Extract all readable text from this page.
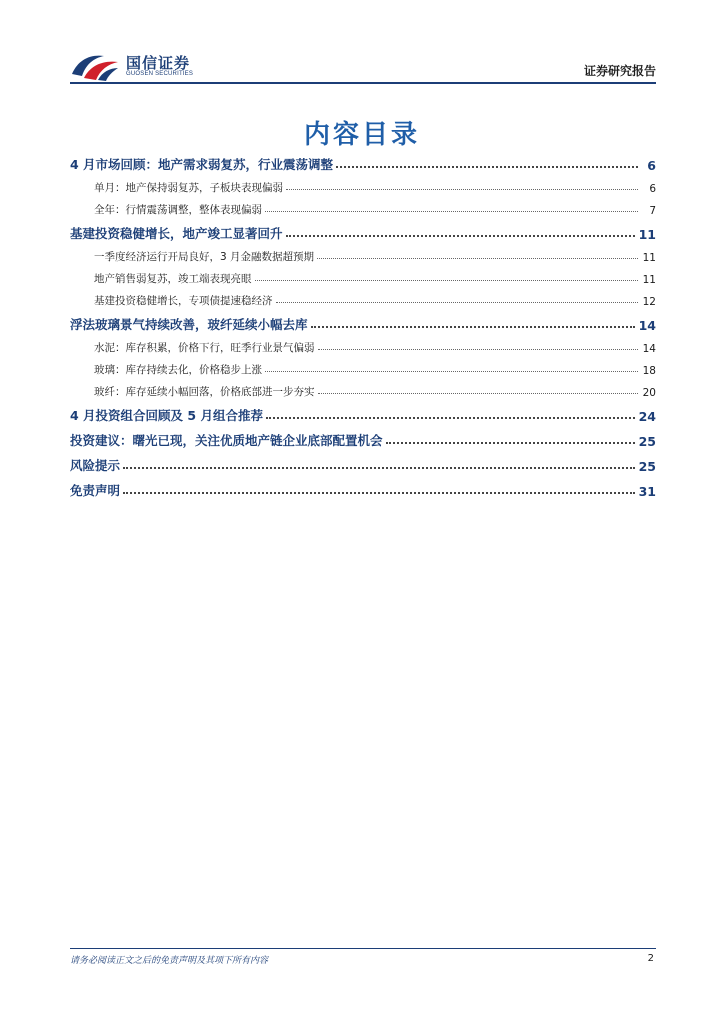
国信证券
GUOSEN SECURITIES	证券研究报告
内容目录
4 月市场回顾：地产需求弱复苏，行业震荡调整	6
单月：地产保持弱复苏，子板块表现偏弱	6
全年：行情震荡调整，整体表现偏弱	7
基建投资稳健增长，地产竣工显著回升	11
一季度经济运行开局良好，3 月金融数据超预期	11
地产销售弱复苏，竣工端表现亮眼	11
基建投资稳健增长，专项债提速稳经济	12
浮法玻璃景气持续改善，玻纤延续小幅去库	14
水泥：库存积累，价格下行，旺季行业景气偏弱	14
玻璃：库存持续去化，价格稳步上涨	18
玻纤：库存延续小幅回落，价格底部进一步夯实	20
4 月投资组合回顾及 5 月组合推荐	24
投资建议：曙光已现，关注优质地产链企业底部配置机会	25
风险提示	25
免责声明	31
请务必阅读正文之后的免责声明及其项下所有内容	2
